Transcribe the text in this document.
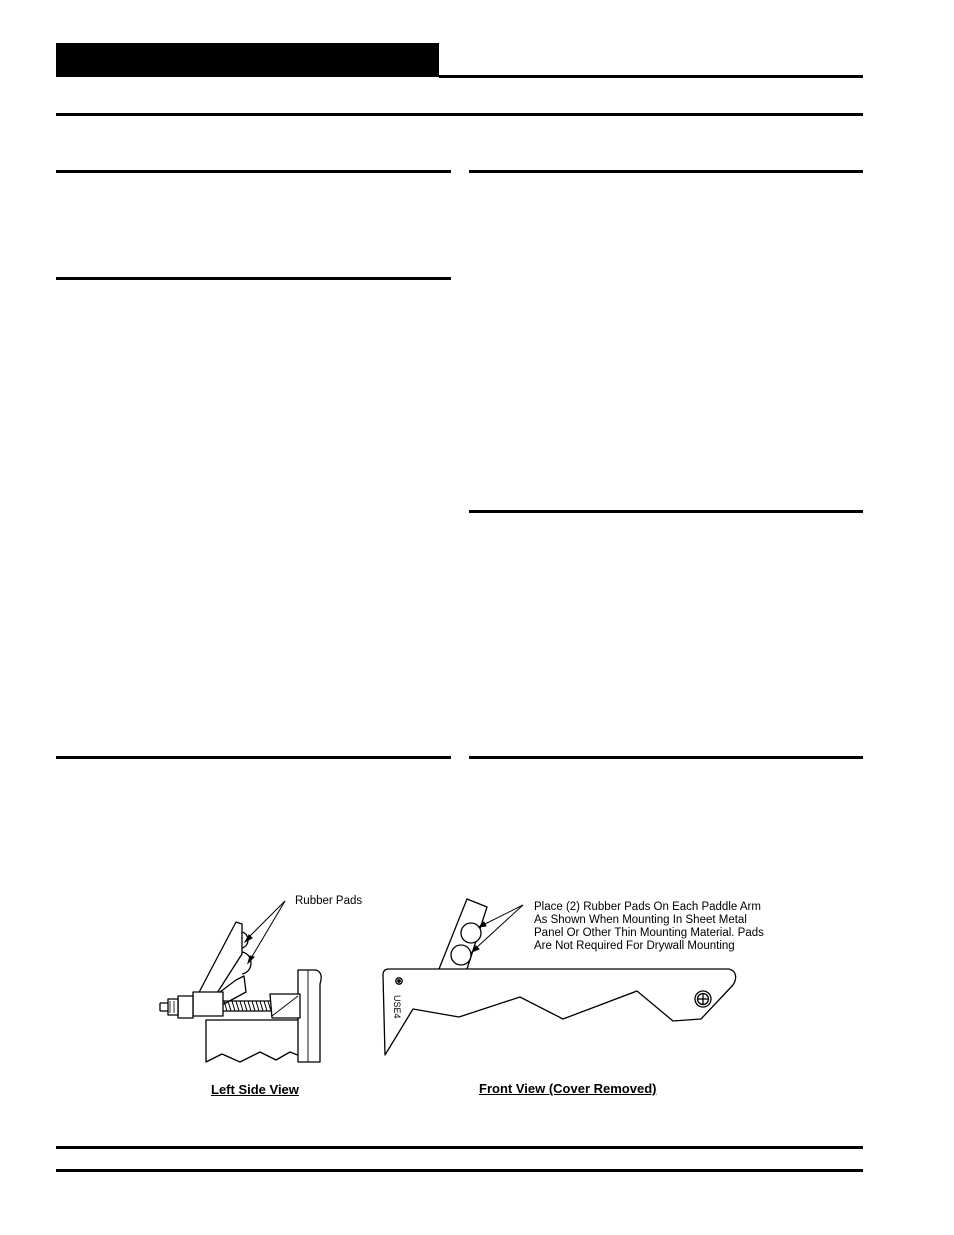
Rubber Pads
Left Side View
USE4
Place (2) Rubber Pads On Each Paddle Arm
As Shown When Mounting In Sheet Metal
Panel Or Other Thin Mounting Material. Pads
Are Not Required For Drywall Mounting
Front View (Cover Removed)
